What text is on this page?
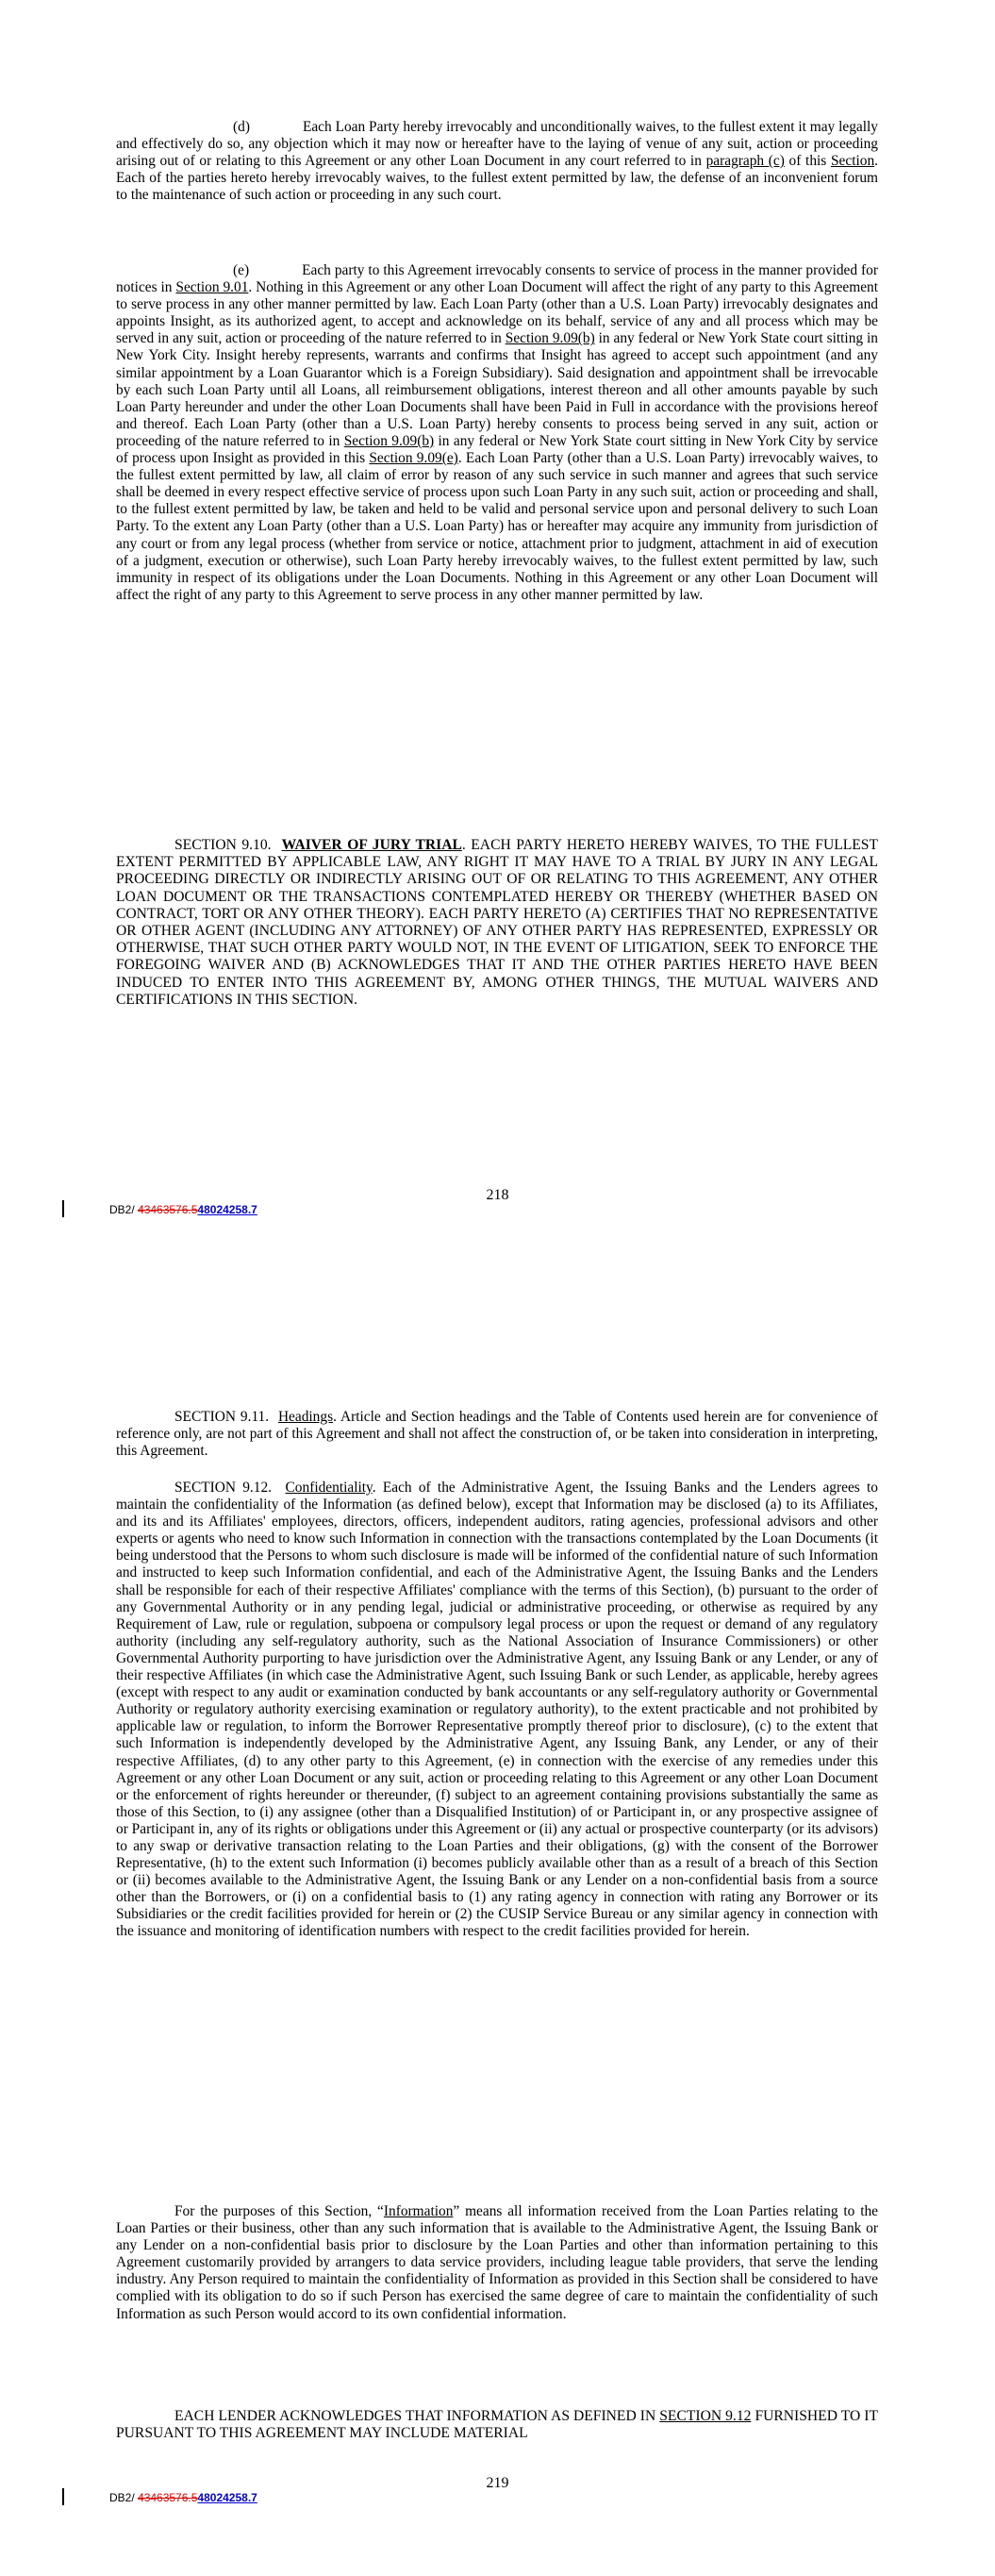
(d)	Each Loan Party hereby irrevocably and unconditionally waives, to the fullest extent it may legally and effectively do so, any objection which it may now or hereafter have to the laying of venue of any suit, action or proceeding arising out of or relating to this Agreement or any other Loan Document in any court referred to in paragraph (c) of this Section. Each of the parties hereto hereby irrevocably waives, to the fullest extent permitted by law, the defense of an inconvenient forum to the maintenance of such action or proceeding in any such court.

(e)	Each party to this Agreement irrevocably consents to service of process in the manner provided for notices in Section 9.01. Nothing in this Agreement or any other Loan Document will affect the right of any party to this Agreement to serve process in any other manner permitted by law. Each Loan Party (other than a U.S. Loan Party) irrevocably designates and appoints Insight, as its authorized agent, to accept and acknowledge on its behalf, service of any and all process which may be served in any suit, action or proceeding of the nature referred to in Section 9.09(b) in any federal or New York State court sitting in New York City. Insight hereby represents, warrants and confirms that Insight has agreed to accept such appointment (and any similar appointment by a Loan Guarantor which is a Foreign Subsidiary). Said designation and appointment shall be irrevocable by each such Loan Party until all Loans, all reimbursement obligations, interest thereon and all other amounts payable by such Loan Party hereunder and under the other Loan Documents shall have been Paid in Full in accordance with the provisions hereof and thereof. Each Loan Party (other than a U.S. Loan Party) hereby consents to process being served in any suit, action or proceeding of the nature referred to in Section 9.09(b) in any federal or New York State court sitting in New York City by service of process upon Insight as provided in this Section 9.09(e). Each Loan Party (other than a U.S. Loan Party) irrevocably waives, to the fullest extent permitted by law, all claim of error by reason of any such service in such manner and agrees that such service shall be deemed in every respect effective service of process upon such Loan Party in any such suit, action or proceeding and shall, to the fullest extent permitted by law, be taken and held to be valid and personal service upon and personal delivery to such Loan Party. To the extent any Loan Party (other than a U.S. Loan Party) has or hereafter may acquire any immunity from jurisdiction of any court or from any legal process (whether from service or notice, attachment prior to judgment, attachment in aid of execution of a judgment, execution or otherwise), such Loan Party hereby irrevocably waives, to the fullest extent permitted by law, such immunity in respect of its obligations under the Loan Documents. Nothing in this Agreement or any other Loan Document will affect the right of any party to this Agreement to serve process in any other manner permitted by law.

SECTION 9.10. WAIVER OF JURY TRIAL. EACH PARTY HERETO HEREBY WAIVES, TO THE FULLEST EXTENT PERMITTED BY APPLICABLE LAW, ANY RIGHT IT MAY HAVE TO A TRIAL BY JURY IN ANY LEGAL PROCEEDING DIRECTLY OR INDIRECTLY ARISING OUT OF OR RELATING TO THIS AGREEMENT, ANY OTHER LOAN DOCUMENT OR THE TRANSACTIONS CONTEMPLATED HEREBY OR THEREBY (WHETHER BASED ON CONTRACT, TORT OR ANY OTHER THEORY). EACH PARTY HERETO (A) CERTIFIES THAT NO REPRESENTATIVE OR OTHER AGENT (INCLUDING ANY ATTORNEY) OF ANY OTHER PARTY HAS REPRESENTED, EXPRESSLY OR OTHERWISE, THAT SUCH OTHER PARTY WOULD NOT, IN THE EVENT OF LITIGATION, SEEK TO ENFORCE THE FOREGOING WAIVER AND (B) ACKNOWLEDGES THAT IT AND THE OTHER PARTIES HERETO HAVE BEEN INDUCED TO ENTER INTO THIS AGREEMENT BY, AMONG OTHER THINGS, THE MUTUAL WAIVERS AND CERTIFICATIONS IN THIS SECTION.

218

DB2/ 43463576.548024258.7

SECTION 9.11. Headings. Article and Section headings and the Table of Contents used herein are for convenience of reference only, are not part of this Agreement and shall not affect the construction of, or be taken into consideration in interpreting, this Agreement.

SECTION 9.12. Confidentiality. Each of the Administrative Agent, the Issuing Banks and the Lenders agrees to maintain the confidentiality of the Information (as defined below), except that Information may be disclosed (a) to its Affiliates, and its and its Affiliates' employees, directors, officers, independent auditors, rating agencies, professional advisors and other experts or agents who need to know such Information in connection with the transactions contemplated by the Loan Documents (it being understood that the Persons to whom such disclosure is made will be informed of the confidential nature of such Information and instructed to keep such Information confidential, and each of the Administrative Agent, the Issuing Banks and the Lenders shall be responsible for each of their respective Affiliates' compliance with the terms of this Section), (b) pursuant to the order of any Governmental Authority or in any pending legal, judicial or administrative proceeding, or otherwise as required by any Requirement of Law, rule or regulation, subpoena or compulsory legal process or upon the request or demand of any regulatory authority (including any self-regulatory authority, such as the National Association of Insurance Commissioners) or other Governmental Authority purporting to have jurisdiction over the Administrative Agent, any Issuing Bank or any Lender, or any of their respective Affiliates (in which case the Administrative Agent, such Issuing Bank or such Lender, as applicable, hereby agrees (except with respect to any audit or examination conducted by bank accountants or any self-regulatory authority or Governmental Authority or regulatory authority exercising examination or regulatory authority), to the extent practicable and not prohibited by applicable law or regulation, to inform the Borrower Representative promptly thereof prior to disclosure), (c) to the extent that such Information is independently developed by the Administrative Agent, any Issuing Bank, any Lender, or any of their respective Affiliates, (d) to any other party to this Agreement, (e) in connection with the exercise of any remedies under this Agreement or any other Loan Document or any suit, action or proceeding relating to this Agreement or any other Loan Document or the enforcement of rights hereunder or thereunder, (f) subject to an agreement containing provisions substantially the same as those of this Section, to (i) any assignee (other than a Disqualified Institution) of or Participant in, or any prospective assignee of or Participant in, any of its rights or obligations under this Agreement or (ii) any actual or prospective counterparty (or its advisors) to any swap or derivative transaction relating to the Loan Parties and their obligations, (g) with the consent of the Borrower Representative, (h) to the extent such Information (i) becomes publicly available other than as a result of a breach of this Section or (ii) becomes available to the Administrative Agent, the Issuing Bank or any Lender on a non-confidential basis from a source other than the Borrowers, or (i) on a confidential basis to (1) any rating agency in connection with rating any Borrower or its Subsidiaries or the credit facilities provided for herein or (2) the CUSIP Service Bureau or any similar agency in connection with the issuance and monitoring of identification numbers with respect to the credit facilities provided for herein.

For the purposes of this Section, “Information” means all information received from the Loan Parties relating to the Loan Parties or their business, other than any such information that is available to the Administrative Agent, the Issuing Bank or any Lender on a non-confidential basis prior to disclosure by the Loan Parties and other than information pertaining to this Agreement customarily provided by arrangers to data service providers, including league table providers, that serve the lending industry. Any Person required to maintain the confidentiality of Information as provided in this Section shall be considered to have complied with its obligation to do so if such Person has exercised the same degree of care to maintain the confidentiality of such Information as such Person would accord to its own confidential information.

EACH LENDER ACKNOWLEDGES THAT INFORMATION AS DEFINED IN SECTION 9.12 FURNISHED TO IT PURSUANT TO THIS AGREEMENT MAY INCLUDE MATERIAL

219

DB2/ 43463576.548024258.7
